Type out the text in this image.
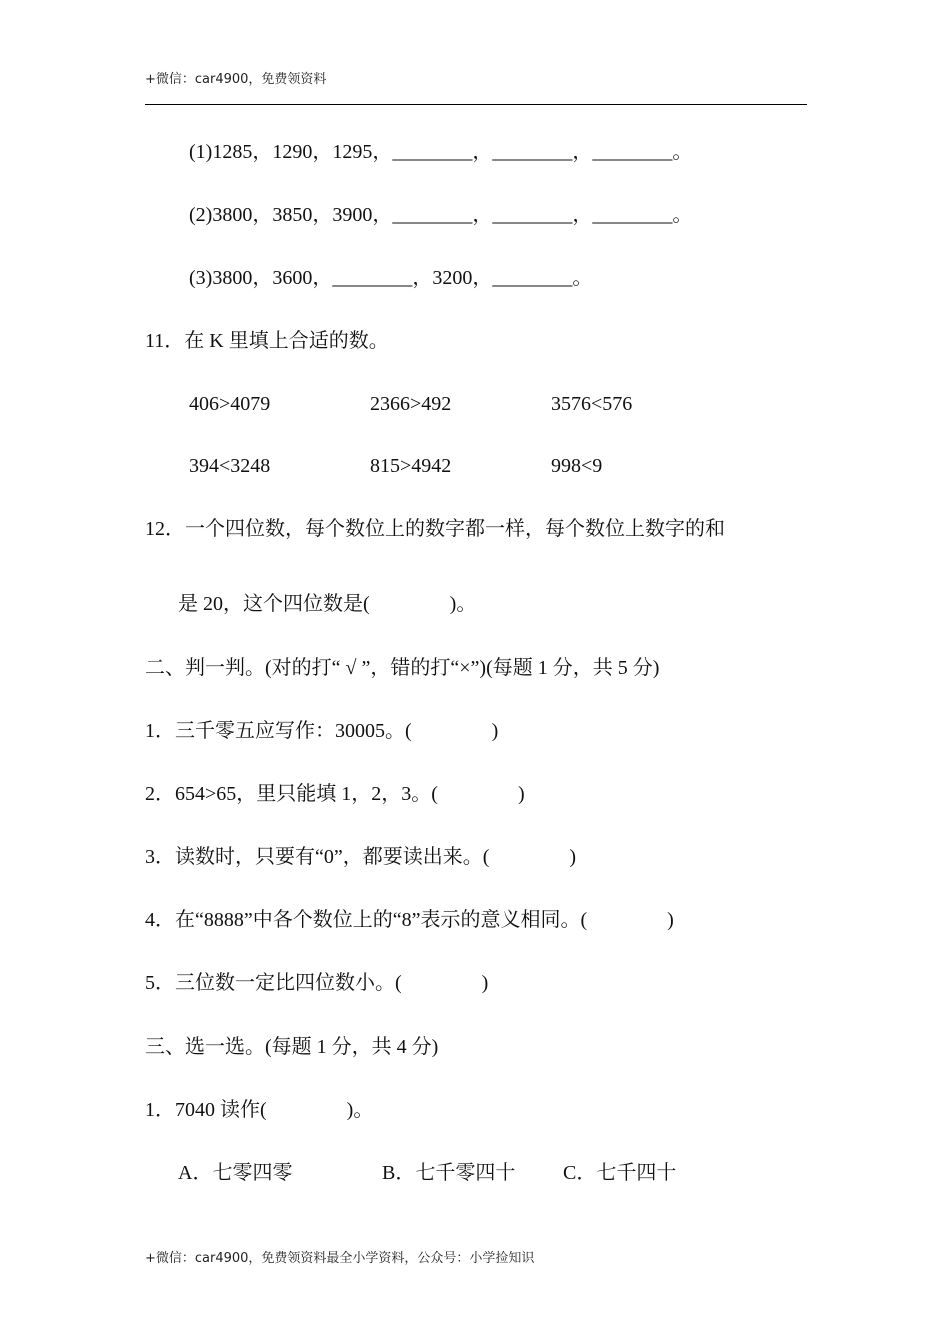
+微信：car4900，免费领资料
(1)1285，1290，1295，________，________，________。
(2)3800，3850，3900，________，________，________。
(3)3800，3600，________，3200，________。
11．在 K 里填上合适的数。
406>4079	2366>492	3576<576
394<3248	815>4942	998<9
12．一个四位数，每个数位上的数字都一样，每个数位上数字的和
是 20，这个四位数是(　　　　)。
二、判一判。(对的打“ √ ”，错的打“×”)(每题 1 分，共 5 分)
1．三千零五应写作：30005。(　　　　)
2．654>65，里只能填 1，2，3。(　　　　)
3．读数时，只要有“0”，都要读出来。(　　　　)
4．在“8888”中各个数位上的“8”表示的意义相同。(　　　　)
5．三位数一定比四位数小。(　　　　)
三、选一选。(每题 1 分，共 4 分)
1．7040 读作(　　　　)。
A．七零四零	B．七千零四十 C．七千四十
+微信：car4900，免费领资料最全小学资料，公众号：小学捡知识
